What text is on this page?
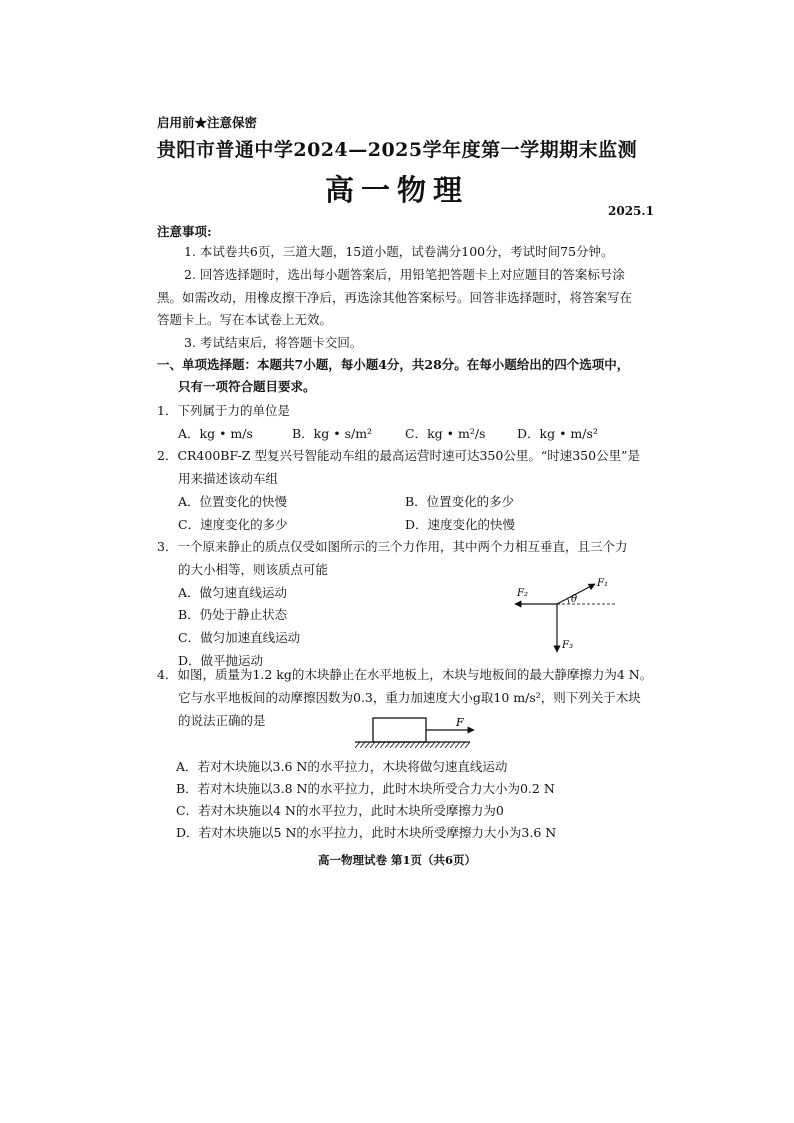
启用前★注意保密
贵阳市普通中学2024—2025学年度第一学期期末监测
高一物理
2025.1
注意事项:
1. 本试卷共6页，三道大题，15道小题，试卷满分100分，考试时间75分钟。
2. 回答选择题时，选出每小题答案后，用铅笔把答题卡上对应题目的答案标号涂
黑。如需改动，用橡皮擦干净后，再选涂其他答案标号。回答非选择题时，将答案写在
答题卡上。写在本试卷上无效。
3. 考试结束后，将答题卡交回。
一、单项选择题：本题共7小题，每小题4分，共28分。在每小题给出的四个选项中，
只有一项符合题目要求。
1．下列属于力的单位是
A．kg • m/s	B．kg • s/m²	C．kg • m²/s	D．kg • m/s²
2．CR400BF-Z 型复兴号智能动车组的最高运营时速可达350公里。“时速350公里”是
用来描述该动车组
A．位置变化的快慢	B．位置变化的多少
C．速度变化的多少	D．速度变化的快慢
3．一个原来静止的质点仅受如图所示的三个力作用，其中两个力相互垂直，且三个力
的大小相等，则该质点可能
A．做匀速直线运动
B．仍处于静止状态
C．做匀加速直线运动
D．做平抛运动
F₁
F₂
F₃
θ
4．如图，质量为1.2 kg的木块静止在水平地板上，木块与地板间的最大静摩擦力为4 N。
它与水平地板间的动摩擦因数为0.3，重力加速度大小g取10 m/s²，则下列关于木块
的说法正确的是	F
A．若对木块施以3.6 N的水平拉力，木块将做匀速直线运动
B．若对木块施以3.8 N的水平拉力，此时木块所受合力大小为0.2 N
C．若对木块施以4 N的水平拉力，此时木块所受摩擦力为0
D．若对木块施以5 N的水平拉力，此时木块所受摩擦力大小为3.6 N
高一物理试卷 第1页（共6页）
